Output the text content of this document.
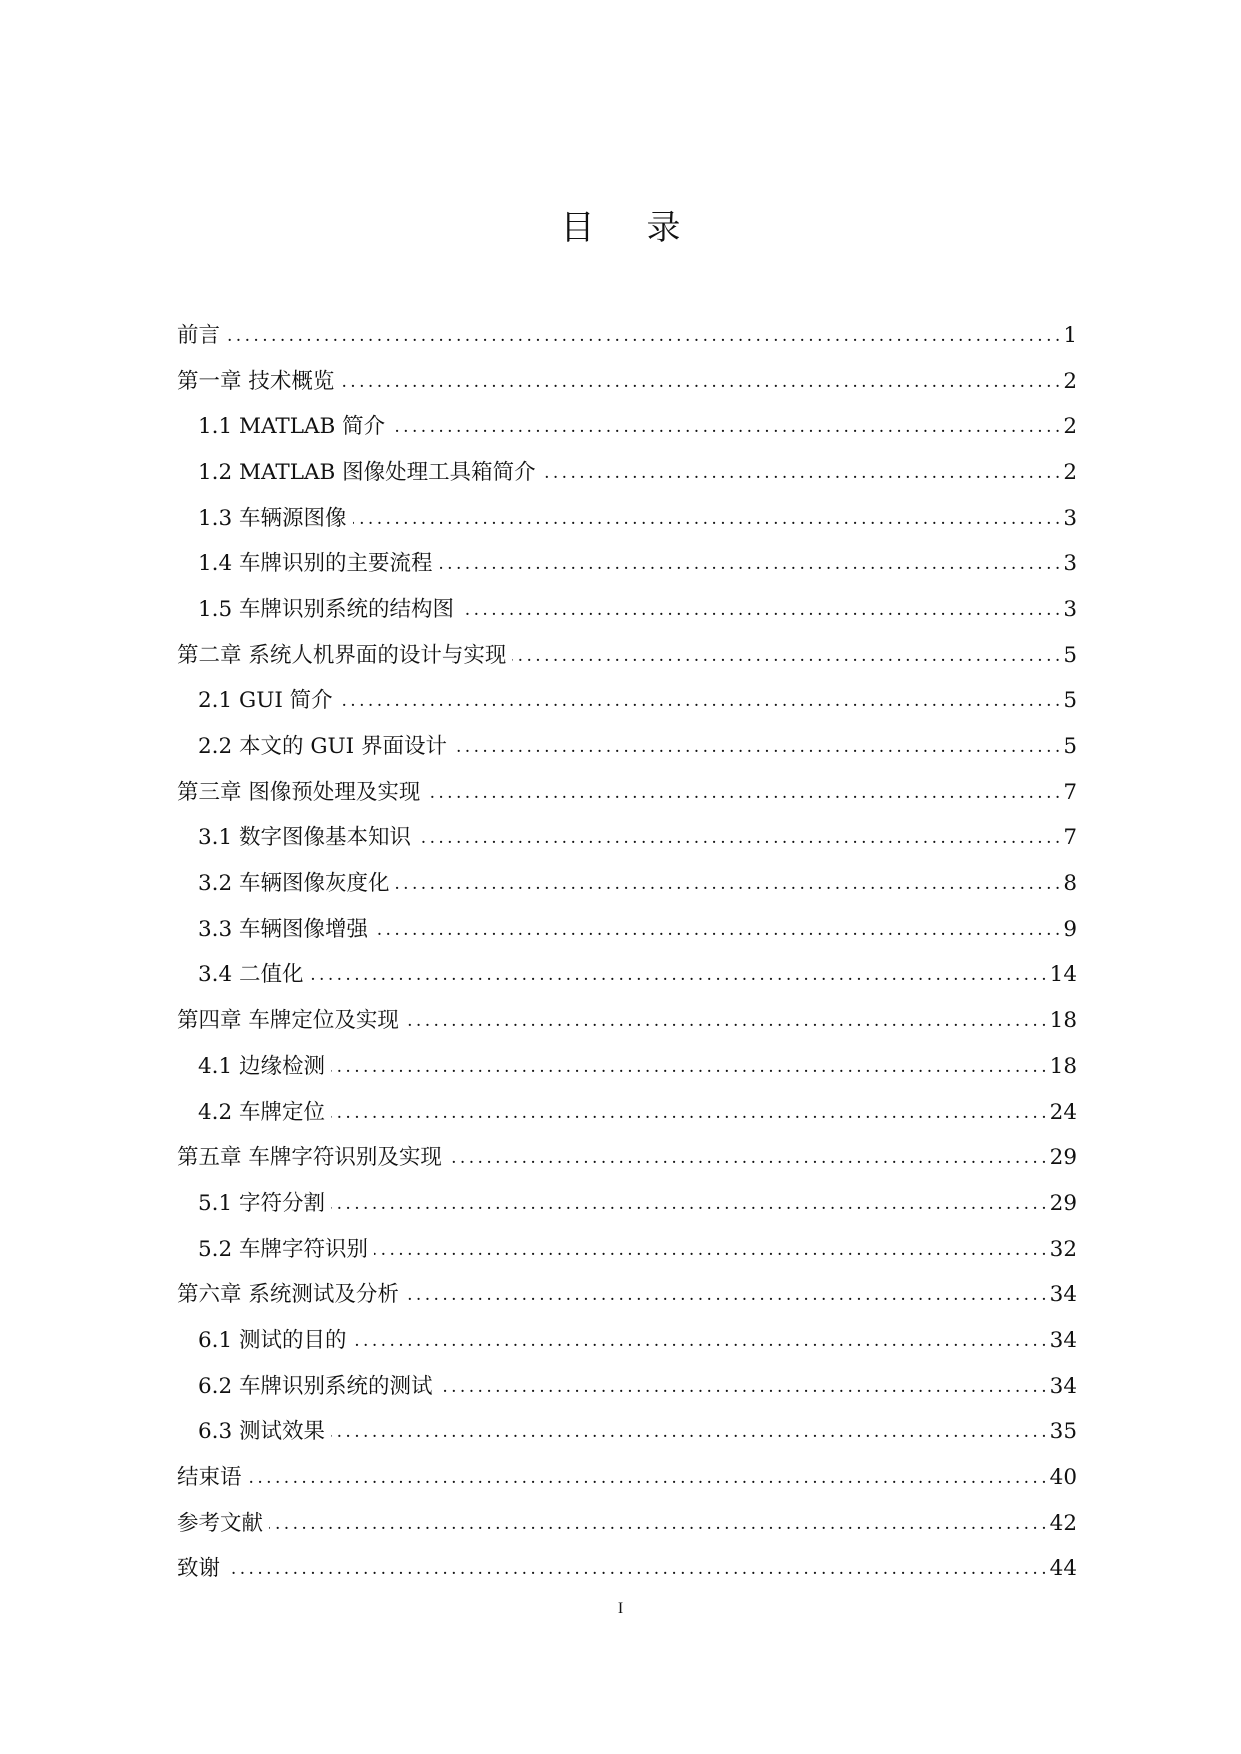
目录
前言 . . .	1
第一章 技术概览 . . .	2
1.1 MATLAB 简介 . . .	2
1.2 MATLAB 图像处理工具箱简介 . . .	2
1.3 车辆源图像 . . .	3
1.4 车牌识别的主要流程 . . .	3
1.5 车牌识别系统的结构图 . . .	3
第二章 系统人机界面的设计与实现 . . .	5
2.1 GUI 简介 . . .	5
2.2 本文的 GUI 界面设计 . . .	5
第三章 图像预处理及实现 . . .	7
3.1 数字图像基本知识 . . .	7
3.2 车辆图像灰度化 . . .	8
3.3 车辆图像增强 . . .	9
3.4 二值化 . . .	14
第四章 车牌定位及实现 . . .	18
4.1 边缘检测 . . .	18
4.2 车牌定位 . . .	24
第五章 车牌字符识别及实现 . . .	29
5.1 字符分割 . . .	29
5.2 车牌字符识别 . . .	32
第六章 系统测试及分析 . . .	34
6.1 测试的目的 . . .	34
6.2 车牌识别系统的测试 . . .	34
6.3 测试效果 . . .	35
结束语 . . .	40
参考文献 . . .	42
致谢 . . .	44
I
